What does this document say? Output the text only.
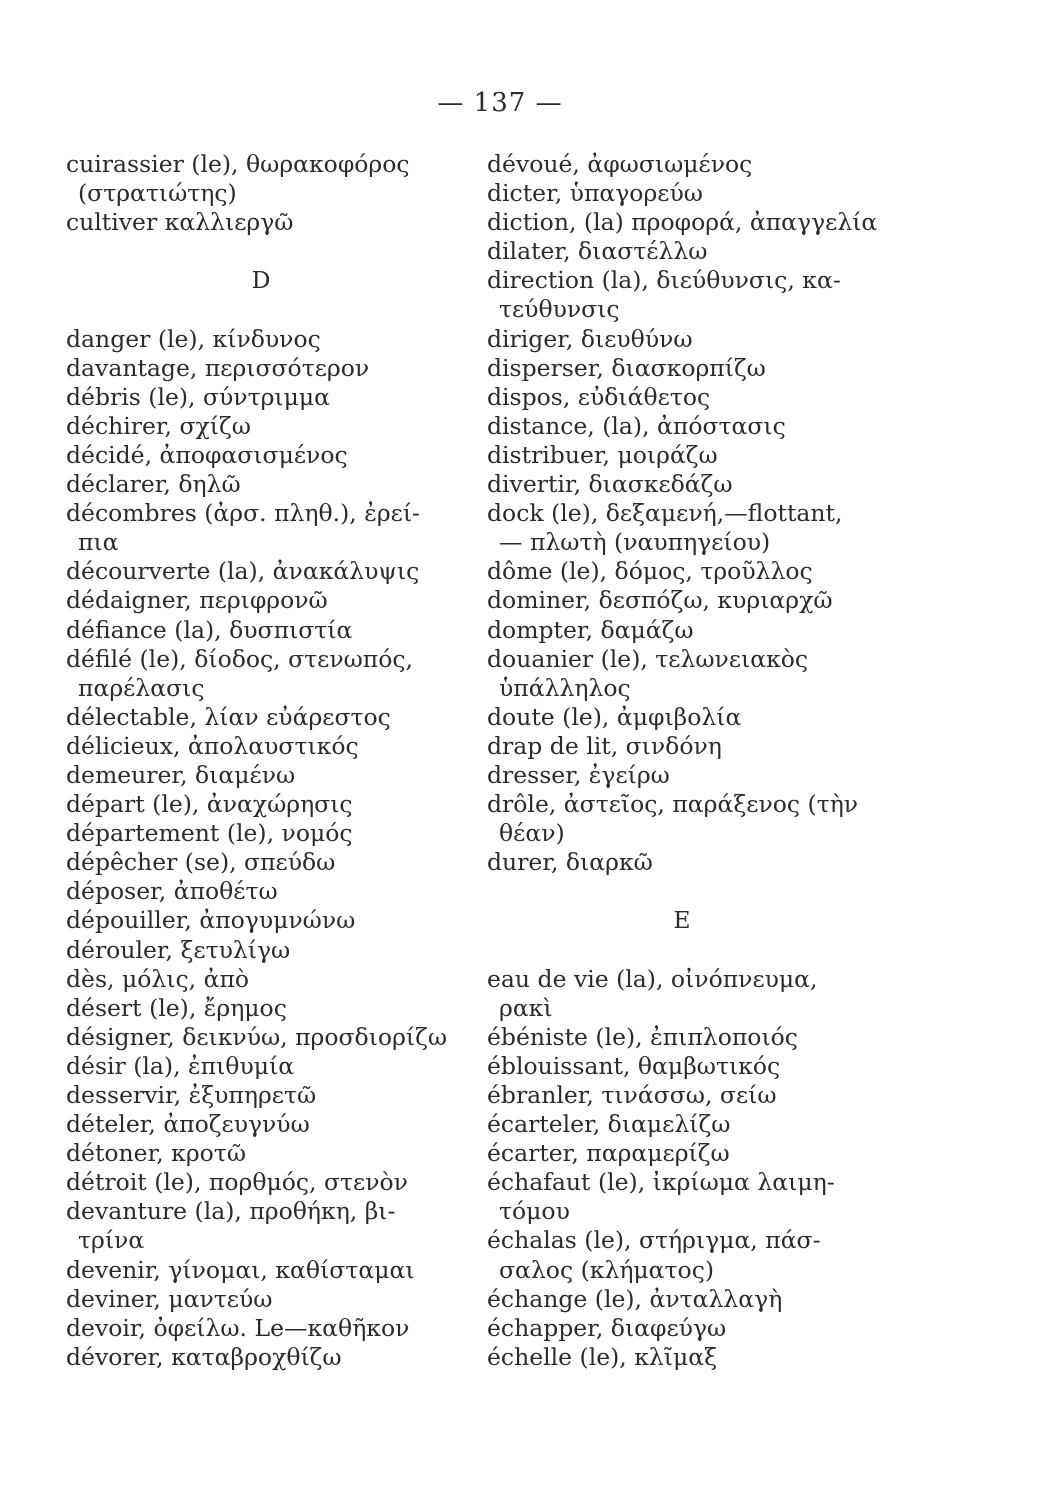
— 137 —
cuirassier (le), θωρακοφόρος
(στρατιώτης)
cultiver καλλιεργῶ
D
danger (le), κίνδυνος
davantage, περισσότερον
débris (le), σύντριμμα
déchirer, σχίζω
décidé, ἀποφασισμένος
déclarer, δηλῶ
décombres (ἀρσ. πληθ.), ἐρεί-
πια
décourverte (la), ἀνακάλυψις
dédaigner, περιφρονῶ
défiance (la), δυσπιστία
défilé (le), δίοδος, στενωπός,
παρέλασις
délectable, λίαν εὐάρεστος
délicieux, ἀπολαυστικός
demeurer, διαμένω
départ (le), ἀναχώρησις
département (le), νομός
dépêcher (se), σπεύδω
déposer, ἀποθέτω
dépouiller, ἀπογυμνώνω
dérouler, ξετυλίγω
dès, μόλις, ἀπὸ
désert (le), ἔρημος
désigner, δεικνύω, προσδιορίζω
désir (la), ἐπιθυμία
desservir, ἐξυπηρετῶ
dételer, ἀποζευγνύω
détoner, κροτῶ
détroit (le), πορθμός, στενὸν
devanture (la), προθήκη, βι-
τρίνα
devenir, γίνομαι, καθίσταμαι
deviner, μαντεύω
devoir, ὀφείλω. Le—καθῆκον
dévorer, καταβροχθίζω
dévoué, ἀφωσιωμένος
dicter, ὑπαγορεύω
diction, (la) προφορά, ἀπαγγελία
dilater, διαστέλλω
direction (la), διεύθυνσις, κα-
τεύθυνσις
diriger, διευθύνω
disperser, διασκορπίζω
dispos, εὐδιάθετος
distance, (la), ἀπόστασις
distribuer, μοιράζω
divertir, διασκεδάζω
dock (le), δεξαμενή,—flottant,
— πλωτὴ (ναυπηγείου)
dôme (le), δόμος, τροῦλλος
dominer, δεσπόζω, κυριαρχῶ
dompter, δαμάζω
douanier (le), τελωνειακὸς
ὑπάλληλος
doute (le), ἀμφιβολία
drap de lit, σινδόνη
dresser, ἐγείρω
drôle, ἀστεῖος, παράξενος (τὴν
θέαν)
durer, διαρκῶ
E
eau de vie (la), οἰνόπνευμα,
ρακὶ
ébéniste (le), ἐπιπλοποιός
éblouissant, θαμβωτικός
ébranler, τινάσσω, σείω
écarteler, διαμελίζω
écarter, παραμερίζω
échafaut (le), ἰκρίωμα λαιμη-
τόμου
échalas (le), στήριγμα, πάσ-
σαλος (κλήματος)
échange (le), ἀνταλλαγὴ
échapper, διαφεύγω
échelle (le), κλῖμαξ
